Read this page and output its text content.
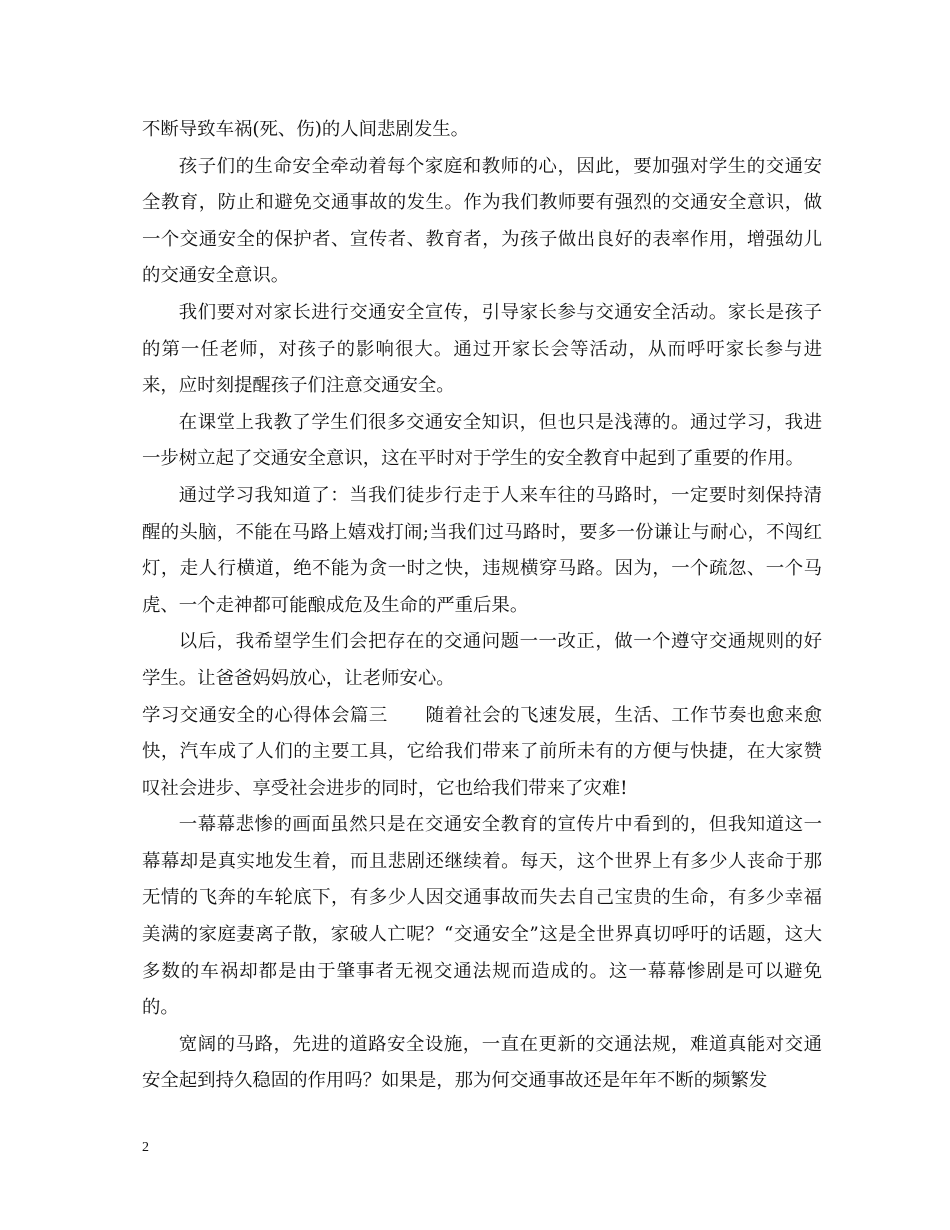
不断导致车祸(死、伤)的人间悲剧发生。

孩子们的生命安全牵动着每个家庭和教师的心，因此，要加强对学生的交通安全教育，防止和避免交通事故的发生。作为我们教师要有强烈的交通安全意识，做一个交通安全的保护者、宣传者、教育者，为孩子做出良好的表率作用，增强幼儿的交通安全意识。

我们要对对家长进行交通安全宣传，引导家长参与交通安全活动。家长是孩子的第一任老师，对孩子的影响很大。通过开家长会等活动，从而呼吁家长参与进来，应时刻提醒孩子们注意交通安全。

在课堂上我教了学生们很多交通安全知识，但也只是浅薄的。通过学习，我进一步树立起了交通安全意识，这在平时对于学生的安全教育中起到了重要的作用。

通过学习我知道了：当我们徒步行走于人来车往的马路时，一定要时刻保持清醒的头脑，不能在马路上嬉戏打闹;当我们过马路时，要多一份谦让与耐心，不闯红灯，走人行横道，绝不能为贪一时之快，违规横穿马路。因为，一个疏忽、一个马虎、一个走神都可能酿成危及生命的严重后果。

以后，我希望学生们会把存在的交通问题一一改正，做一个遵守交通规则的好学生。让爸爸妈妈放心，让老师安心。

学习交通安全的心得体会篇三　　随着社会的飞速发展，生活、工作节奏也愈来愈快，汽车成了人们的主要工具，它给我们带来了前所未有的方便与快捷，在大家赞叹社会进步、享受社会进步的同时，它也给我们带来了灾难!

一幕幕悲惨的画面虽然只是在交通安全教育的宣传片中看到的，但我知道这一幕幕却是真实地发生着，而且悲剧还继续着。每天，这个世界上有多少人丧命于那无情的飞奔的车轮底下，有多少人因交通事故而失去自己宝贵的生命，有多少幸福美满的家庭妻离子散，家破人亡呢？“交通安全”这是全世界真切呼吁的话题，这大多数的车祸却都是由于肇事者无视交通法规而造成的。这一幕幕惨剧是可以避免的。

宽阔的马路，先进的道路安全设施，一直在更新的交通法规，难道真能对交通安全起到持久稳固的作用吗？如果是，那为何交通事故还是年年不断的频繁发

2
